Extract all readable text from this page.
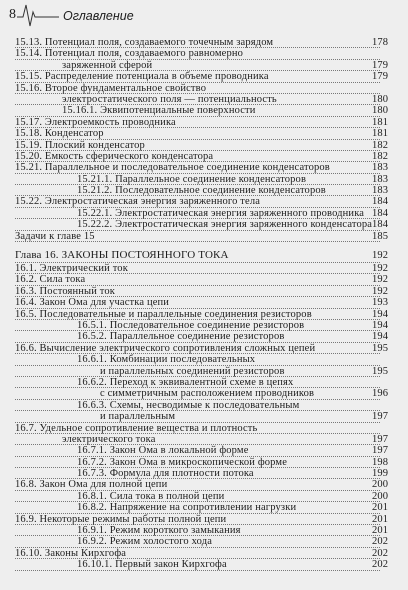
8	Оглавление
15.13. Потенциал поля, создаваемого точечным зарядом	178
15.14. Потенциал поля, создаваемого равномерно
заряженной сферой	179
15.15. Распределение потенциала в объеме проводника	179
15.16. Второе фундаментальное свойство
электростатического поля — потенциальность	180
15.16.1. Эквипотенциальные поверхности	180
15.17. Электроемкость проводника	181
15.18. Конденсатор	181
15.19. Плоский конденсатор	182
15.20. Емкость сферического конденсатора	182
15.21. Параллельное и последовательное соединение конденсаторов	183
15.21.1. Параллельное соединение конденсаторов	183
15.21.2. Последовательное соединение конденсаторов	183
15.22. Электростатическая энергия заряженного тела	184
15.22.1. Электростатическая энергия заряженного проводника 184
15.22.2. Электростатическая энергия заряженного конденсатора 184
Задачи к главе 15	185
Глава 16. ЗАКОНЫ ПОСТОЯННОГО ТОКА	192
16.1. Электрический ток	192
16.2. Сила тока	192
16.3. Постоянный ток	192
16.4. Закон Ома для участка цепи	193
16.5. Последовательные и параллельные соединения резисторов	194
16.5.1. Последовательное соединение резисторов	194
16.5.2. Параллельное соединение резисторов	194
16.6. Вычисление электрического сопротивления сложных цепей	195
16.6.1. Комбинации последовательных
и параллельных соединений резисторов	195
16.6.2. Переход к эквивалентной схеме в цепях
с симметричным расположением проводников	196
16.6.3. Схемы, несводимые к последовательным
и параллельным	197
16.7. Удельное сопротивление вещества и плотность
электрического тока	197
16.7.1. Закон Ома в локальной форме	197
16.7.2. Закон Ома в микроскопической форме	198
16.7.3. Формула для плотности потока	199
16.8. Закон Ома для полной цепи	200
16.8.1. Сила тока в полной цепи	200
16.8.2. Напряжение на сопротивлении нагрузки	201
16.9. Некоторые режимы работы полной цепи	201
16.9.1. Режим короткого замыкания	201
16.9.2. Режим холостого хода	202
16.10. Законы Кирхгофа	202
16.10.1. Первый закон Кирхгофа	202
